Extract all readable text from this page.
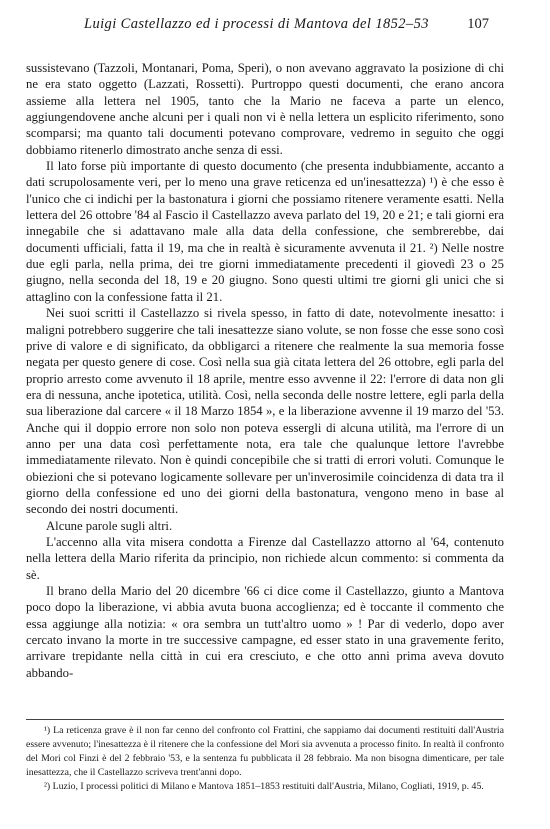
Luigi Castellazzo ed i processi di Mantova del 1852–53	107

sussistevano (Tazzoli, Montanari, Poma, Speri), o non avevano aggravato la posizione di chi ne era stato oggetto (Lazzati, Rossetti). Purtroppo questi documenti, che erano ancora assieme alla lettera nel 1905, tanto che la Mario ne faceva a parte un elenco, aggiungendovene anche alcuni per i quali non vi è nella lettera un esplicito riferimento, sono scomparsi; ma quanto tali documenti potevano comprovare, vedremo in seguito che oggi dobbiamo ritenerlo dimostrato anche senza di essi.

Il lato forse più importante di questo documento (che presenta indubbiamente, accanto a dati scrupolosamente veri, per lo meno una grave reticenza ed un'inesattezza) ¹) è che esso è l'unico che ci indichi per la bastonatura i giorni che possiamo ritenere veramente esatti. Nella lettera del 26 ottobre '84 al Fascio il Castellazzo aveva parlato del 19, 20 e 21; e tali giorni era innegabile che si adattavano male alla data della confessione, che sembrerebbe, dai documenti ufficiali, fatta il 19, ma che in realtà è sicuramente avvenuta il 21. ²) Nelle nostre due egli parla, nella prima, dei tre giorni immediatamente precedenti il giovedì 23 o 25 giugno, nella seconda del 18, 19 e 20 giugno. Sono questi ultimi tre giorni gli unici che si attaglino con la confessione fatta il 21.

Nei suoi scritti il Castellazzo si rivela spesso, in fatto di date, notevolmente inesatto: i maligni potrebbero suggerire che tali inesattezze siano volute, se non fosse che esse sono così prive di valore e di significato, da obbligarci a ritenere che realmente la sua memoria fosse negata per questo genere di cose. Così nella sua già citata lettera del 26 ottobre, egli parla del proprio arresto come avvenuto il 18 aprile, mentre esso avvenne il 22: l'errore di data non gli era di nessuna, anche ipotetica, utilità. Così, nella seconda delle nostre lettere, egli parla della sua liberazione dal carcere « il 18 Marzo 1854 », e la liberazione avvenne il 19 marzo del '53. Anche qui il doppio errore non solo non poteva essergli di alcuna utilità, ma l'errore di un anno per una data così perfettamente nota, era tale che qualunque lettore l'avrebbe immediatamente rilevato. Non è quindi concepibile che si tratti di errori voluti. Comunque le obiezioni che si potevano logicamente sollevare per un'inverosimile coincidenza di data tra il giorno della confessione ed uno dei giorni della bastonatura, vengono meno in base al secondo dei nostri documenti.

Alcune parole sugli altri.

L'accenno alla vita misera condotta a Firenze dal Castellazzo attorno al '64, contenuto nella lettera della Mario riferita da principio, non richiede alcun commento: si commenta da sè.

Il brano della Mario del 20 dicembre '66 ci dice come il Castellazzo, giunto a Mantova poco dopo la liberazione, vi abbia avuta buona accoglienza; ed è toccante il commento che essa aggiunge alla notizia: « ora sembra un tutt'altro uomo » ! Par di vederlo, dopo aver cercato invano la morte in tre successive campagne, ed esser stato in una gravemente ferito, arrivare trepidante nella città in cui era cresciuto, e che otto anni prima aveva dovuto abbando-

¹) La reticenza grave è il non far cenno del confronto col Frattini, che sappiamo dai documenti restituiti dall'Austria essere avvenuto; l'inesattezza è il ritenere che la confessione del Mori sia avvenuta a processo finito. In realtà il confronto del Mori col Finzi è del 2 febbraio '53, e la sentenza fu pubblicata il 28 febbraio. Ma non bisogna dimenticare, per tale inesattezza, che il Castellazzo scriveva trent'anni dopo.

²) Luzio, I processi politici di Milano e Mantova 1851–1853 restituiti dall'Austria, Milano, Cogliati, 1919, p. 45.
